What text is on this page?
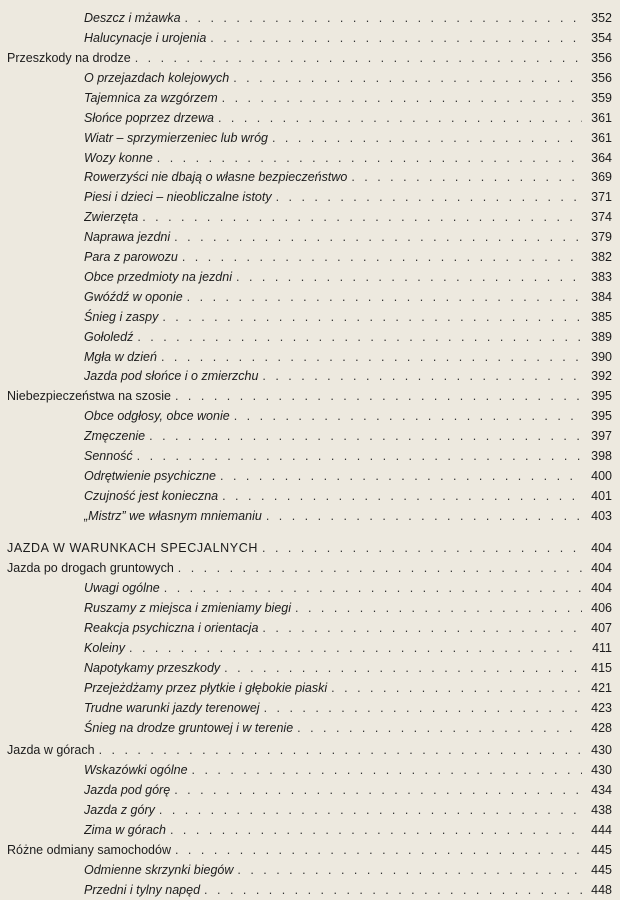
Deszcz i mżawka . . .	352
Halucynacje i urojenia . . .	354
Przeszkody na drodze . . .	356
O przejazdach kolejowych . . .	356
Tajemnica za wzgórzem . . .	359
Słońce poprzez drzewa . . .	361
Wiatr – sprzymierzeniec lub wróg . . .	361
Wozy konne . . .	364
Rowerzyści nie dbają o własne bezpieczeństwo . . .	369
Piesi i dzieci – nieobliczalne istoty . . .	371
Zwierzęta . . .	374
Naprawa jezdni . . .	379
Para z parowozu . . .	382
Obce przedmioty na jezdni . . .	383
Gwóźdź w oponie . . .	384
Śnieg i zaspy . . .	385
Gołoledź . . .	389
Mgła w dzień . . .	390
Jazda pod słońce i o zmierzchu . . .	392
Niebezpieczeństwa na szosie . . .	395
Obce odgłosy, obce wonie . . .	395
Zmęczenie . . .	397
Senność . . .	398
Odrętwienie psychiczne . . .	400
Czujność jest konieczna . . .	401
„Mistrz” we własnym mniemaniu . . .	403
JAZDA W WARUNKACH SPECJALNYCH . . .	404
Jazda po drogach gruntowych . . .	404
Uwagi ogólne . . .	404
Ruszamy z miejsca i zmieniamy biegi . . .	406
Reakcja psychiczna i orientacja . . .	407
Koleiny . . .	411
Napotykamy przeszkody . . .	415
Przejeżdżamy przez płytkie i głębokie piaski . . .	421
Trudne warunki jazdy terenowej . . .	423
Śnieg na drodze gruntowej i w terenie . . .	428
Jazda w górach . . .	430
Wskazówki ogólne . . .	430
Jazda pod górę . . .	434
Jazda z góry . . .	438
Zima w górach . . .	444
Różne odmiany samochodów . . .	445
Odmienne skrzynki biegów . . .	445
Przedni i tylny napęd . . .	448
